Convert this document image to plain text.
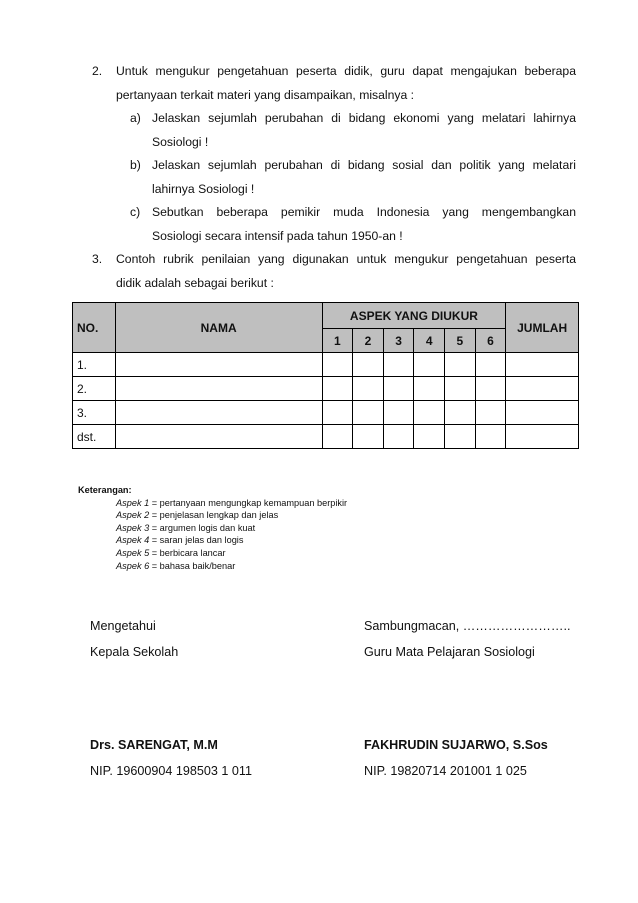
2. Untuk mengukur pengetahuan peserta didik, guru dapat mengajukan beberapa
pertanyaan terkait materi yang disampaikan, misalnya :
a) Jelaskan sejumlah perubahan di bidang ekonomi yang melatari lahirnya
Sosiologi !
b) Jelaskan sejumlah perubahan di bidang sosial dan politik yang melatari
lahirnya Sosiologi !
c) Sebutkan beberapa pemikir muda Indonesia yang mengembangkan
Sosiologi secara intensif pada tahun 1950-an !
3. Contoh rubrik penilaian yang digunakan untuk mengukur pengetahuan peserta
didik adalah sebagai berikut :
NO.	NAMA	ASPEK YANG DIUKUR						JUMLAH
		1	2	3	4	5	6	
1.								
2.								
3.								
dst.								
Keterangan:
Aspek 1 = pertanyaan mengungkap kemampuan berpikir
Aspek 2 = penjelasan lengkap dan jelas
Aspek 3 = argumen logis dan kuat
Aspek 4 = saran jelas dan logis
Aspek 5 = berbicara lancar
Aspek 6 = bahasa baik/benar
Mengetahui
Kepala Sekolah
Drs. SARENGAT, M.M
NIP. 19600904 198503 1 011
Sambungmacan, ……………………..
Guru Mata Pelajaran Sosiologi
FAKHRUDIN SUJARWO, S.Sos
NIP. 19820714 201001 1 025
